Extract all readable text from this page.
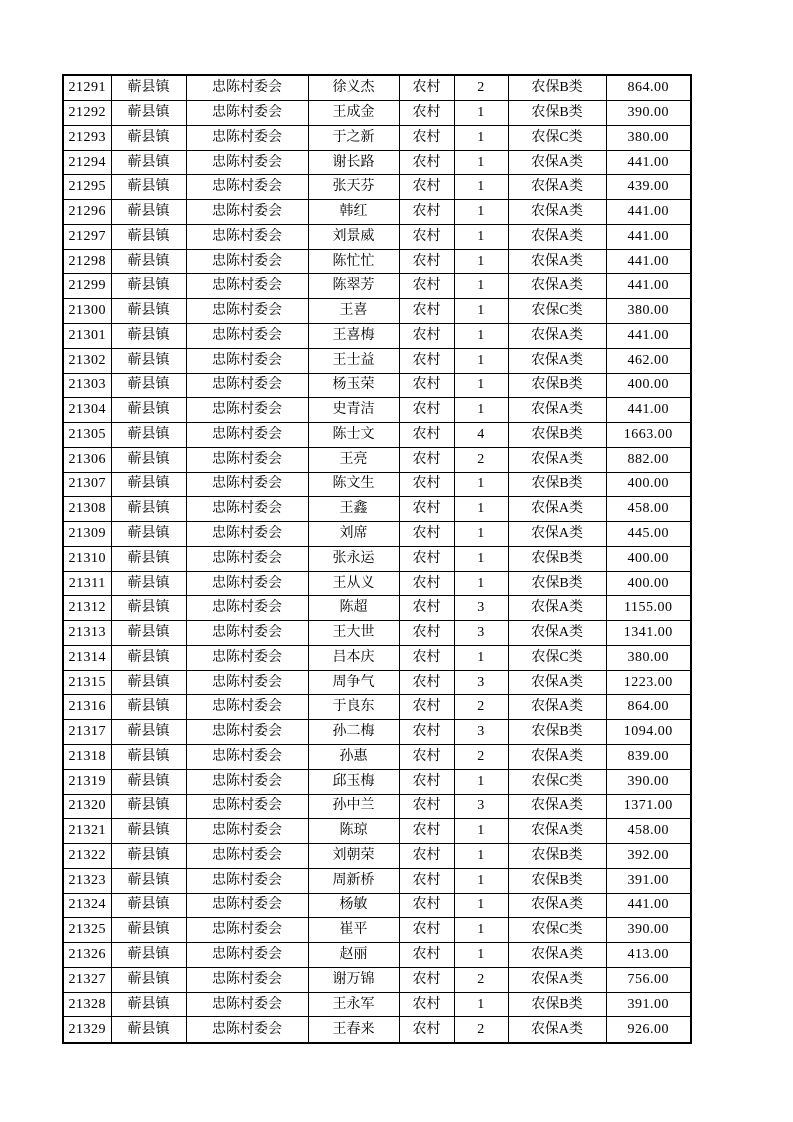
21291	蕲县镇	忠陈村委会	徐义杰	农村	2	农保B类	864.00
21292	蕲县镇	忠陈村委会	王成金	农村	1	农保B类	390.00
21293	蕲县镇	忠陈村委会	于之新	农村	1	农保C类	380.00
21294	蕲县镇	忠陈村委会	谢长路	农村	1	农保A类	441.00
21295	蕲县镇	忠陈村委会	张天芬	农村	1	农保A类	439.00
21296	蕲县镇	忠陈村委会	韩红	农村	1	农保A类	441.00
21297	蕲县镇	忠陈村委会	刘景威	农村	1	农保A类	441.00
21298	蕲县镇	忠陈村委会	陈忙忙	农村	1	农保A类	441.00
21299	蕲县镇	忠陈村委会	陈翠芳	农村	1	农保A类	441.00
21300	蕲县镇	忠陈村委会	王喜	农村	1	农保C类	380.00
21301	蕲县镇	忠陈村委会	王喜梅	农村	1	农保A类	441.00
21302	蕲县镇	忠陈村委会	王士益	农村	1	农保A类	462.00
21303	蕲县镇	忠陈村委会	杨玉荣	农村	1	农保B类	400.00
21304	蕲县镇	忠陈村委会	史青洁	农村	1	农保A类	441.00
21305	蕲县镇	忠陈村委会	陈士文	农村	4	农保B类	1663.00
21306	蕲县镇	忠陈村委会	王亮	农村	2	农保A类	882.00
21307	蕲县镇	忠陈村委会	陈文生	农村	1	农保B类	400.00
21308	蕲县镇	忠陈村委会	王鑫	农村	1	农保A类	458.00
21309	蕲县镇	忠陈村委会	刘席	农村	1	农保A类	445.00
21310	蕲县镇	忠陈村委会	张永运	农村	1	农保B类	400.00
21311	蕲县镇	忠陈村委会	王从义	农村	1	农保B类	400.00
21312	蕲县镇	忠陈村委会	陈超	农村	3	农保A类	1155.00
21313	蕲县镇	忠陈村委会	王大世	农村	3	农保A类	1341.00
21314	蕲县镇	忠陈村委会	吕本庆	农村	1	农保C类	380.00
21315	蕲县镇	忠陈村委会	周争气	农村	3	农保A类	1223.00
21316	蕲县镇	忠陈村委会	于良东	农村	2	农保A类	864.00
21317	蕲县镇	忠陈村委会	孙二梅	农村	3	农保B类	1094.00
21318	蕲县镇	忠陈村委会	孙惠	农村	2	农保A类	839.00
21319	蕲县镇	忠陈村委会	邱玉梅	农村	1	农保C类	390.00
21320	蕲县镇	忠陈村委会	孙中兰	农村	3	农保A类	1371.00
21321	蕲县镇	忠陈村委会	陈琼	农村	1	农保A类	458.00
21322	蕲县镇	忠陈村委会	刘朝荣	农村	1	农保B类	392.00
21323	蕲县镇	忠陈村委会	周新桥	农村	1	农保B类	391.00
21324	蕲县镇	忠陈村委会	杨敏	农村	1	农保A类	441.00
21325	蕲县镇	忠陈村委会	崔平	农村	1	农保C类	390.00
21326	蕲县镇	忠陈村委会	赵丽	农村	1	农保A类	413.00
21327	蕲县镇	忠陈村委会	谢万锦	农村	2	农保A类	756.00
21328	蕲县镇	忠陈村委会	王永军	农村	1	农保B类	391.00
21329	蕲县镇	忠陈村委会	王春来	农村	2	农保A类	926.00
